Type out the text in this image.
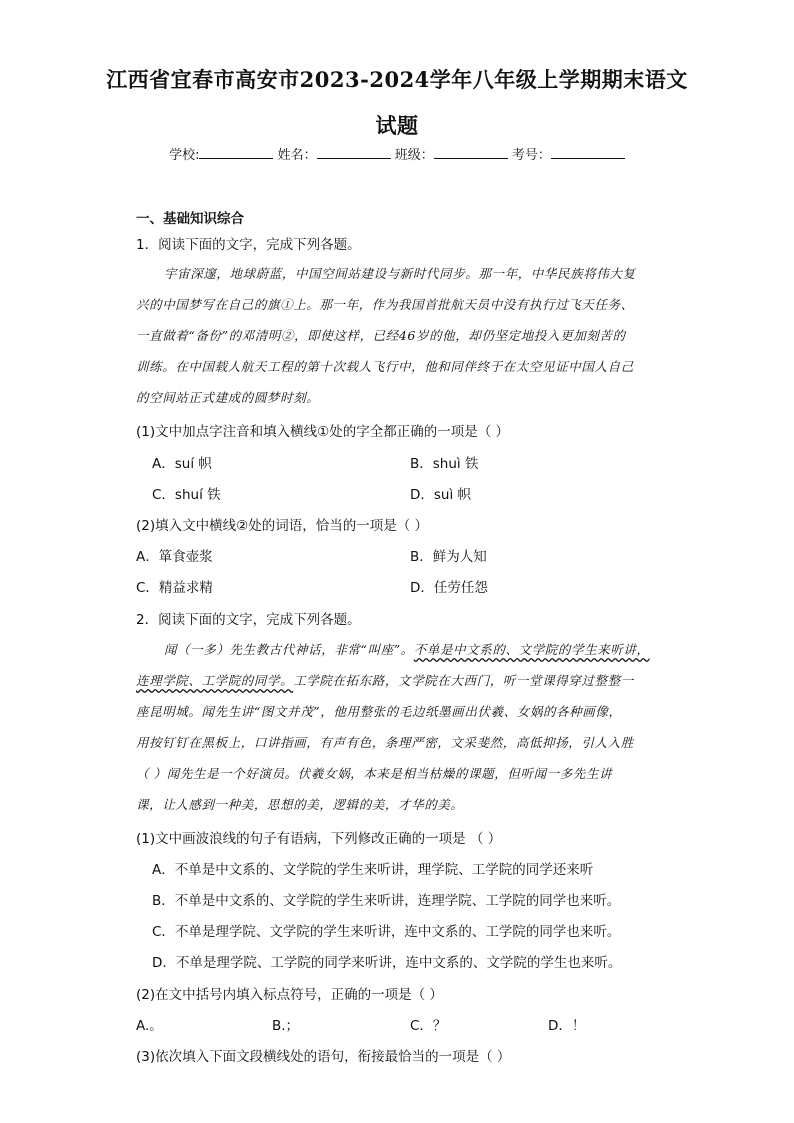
江西省宜春市高安市2023-2024学年八年级上学期期末语文
试题
学校:	姓名：	班级：	考号：
一、基础知识综合
1．阅读下面的文字，完成下列各题。
宇宙深邃，地球蔚蓝，中国空间站建设与新时代同步。那一年，中华民族将伟大复
兴的中国梦写在自己的旗①上。那一年，作为我国首批航天员中没有执行过飞天任务、
一直做着“备份”的邓清明②，即使这样，已经46岁的他，却仍坚定地投入更加刻苦的
训练。在中国载人航天工程的第十次载人飞行中，他和同伴终于在太空见证中国人自己
的空间站正式建成的圆梦时刻。
(1)文中加点字注音和填入横线①处的字全都正确的一项是（ ）
A．suí 帜	B．shuì 铁
C．shuí 铁	D．suì 帜
(2)填入文中横线②处的词语，恰当的一项是（ ）
A．箪食壶浆	B．鲜为人知
C．精益求精	D．任劳任怨
2．阅读下面的文字，完成下列各题。
闻（一多）先生教古代神话，非常“叫座”。不单是中文系的、文学院的学生来听讲，
连理学院、工学院的同学。工学院在拓东路，文学院在大西门，听一堂课得穿过整整一
座昆明城。闻先生讲“图文并茂”，他用整张的毛边纸墨画出伏羲、女娲的各种画像，
用按钉钉在黑板上，口讲指画，有声有色，条理严密，文采斐然，高低抑扬，引人入胜
（ ）闻先生是一个好演员。伏羲女娲，本来是相当枯燥的课题，但听闻一多先生讲
课，让人感到一种美，思想的美，逻辑的美，才华的美。
(1)文中画波浪线的句子有语病，下列修改正确的一项是 （ ）
A．不单是中文系的、文学院的学生来听讲，理学院、工学院的同学还来听
B．不单是中文系的、文学院的学生来听讲，连理学院、工学院的同学也来听。
C．不单是理学院、文学院的学生来听讲，连中文系的、工学院的同学也来听。
D．不单是理学院、工学院的同学来听讲，连中文系的、文学院的学生也来听。
(2)在文中括号内填入标点符号，正确的一项是（ ）
A.。	B.；	C．？	D．！
(3)依次填入下面文段横线处的语句，衔接最恰当的一项是（ ）
